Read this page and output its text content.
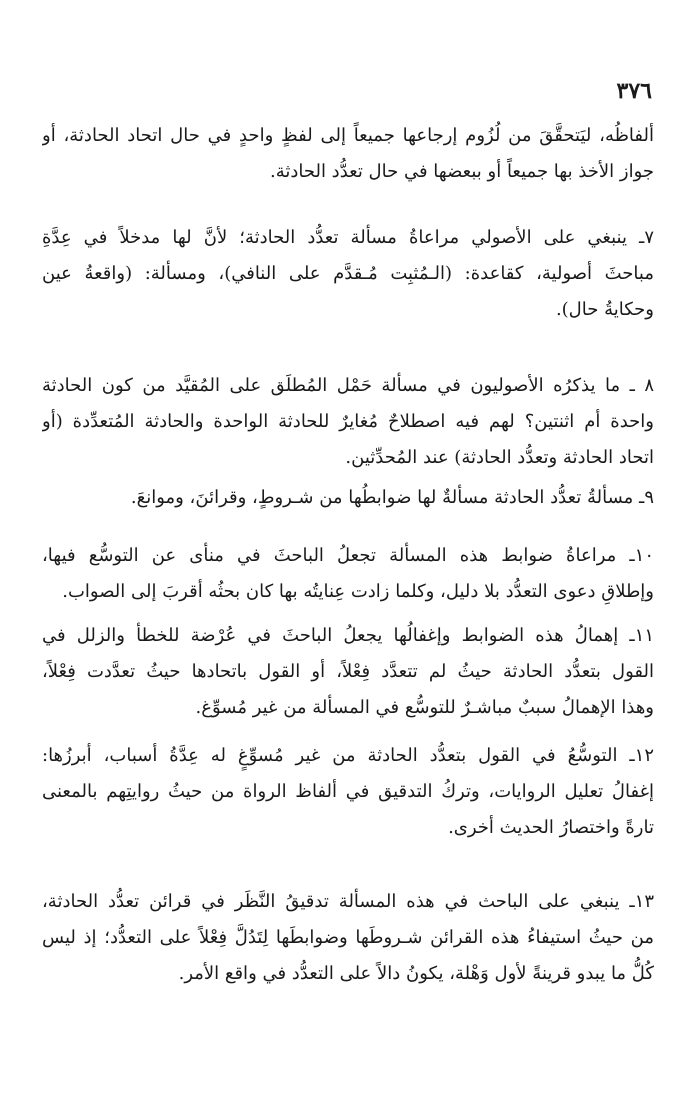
٣٧٦
ألفاظُه، ليَتحقَّقَ من لُزُوم إرجاعها جميعاً إلى لفظٍ واحدٍ في حال اتحاد الحادثة، أو
جواز الأخذ بها جميعاً أو ببعضها في حال تعدُّد الحادثة.
٧ـ ينبغي على الأصولي مراعاةُ مسألة تعدُّد الحادثة؛ لأنَّ لها مدخلاً في عِدَّةِ
مباحثَ أصولية، كقاعدة: (الـمُثبِت مُـقدَّم على النافي)، ومسألة: (واقعةُ عين
وحكايةُ حال).
٨ ـ ما يذكرُه الأصوليون في مسألة حَمْل المُطلَق على المُقيَّد من كون الحادثة
واحدة أم اثنتين؟ لهم فيه اصطلاحٌ مُغايرٌ للحادثة الواحدة والحادثة المُتعدِّدة (أو
اتحاد الحادثة وتعدُّد الحادثة) عند المُحدِّثين.
٩ـ مسألةُ تعدُّد الحادثة مسألةٌ لها ضوابطُها من شـروطٍ، وقرائنَ، وموانعَ.
١٠ـ مراعاةُ ضوابط هذه المسألة تجعلُ الباحثَ في منأى عن التوسُّع فيها،
وإطلاقِ دعوى التعدُّد بلا دليل، وكلما زادت عِنايتُه بها كان بحثُه أقربَ إلى الصواب.
١١ـ إهمالُ هذه الضوابط وإغفالُها يجعلُ الباحثَ في عُرْضة للخطأ والزلل في
القول بتعدُّد الحادثة حيثُ لم تتعدَّد فِعْلاً، أو القول باتحادها حيثُ تعدَّدت فِعْلاً،
وهذا الإهمالُ سببٌ مباشـرٌ للتوسُّع في المسألة من غير مُسوِّغ.
١٢ـ التوسُّعُ في القول بتعدُّد الحادثة من غير مُسوِّغٍ له عِدَّةُ أسباب، أبرزُها:
إغفالُ تعليل الروايات، وتركُ التدقيق في ألفاظ الرواة من حيثُ روايتِهم بالمعنى
تارةً واختصارُ الحديث أخرى.
١٣ـ ينبغي على الباحث في هذه المسألة تدقيقُ النَّظَر في قرائن تعدُّد الحادثة،
من حيثُ استيفاءُ هذه القرائن شـروطَها وضوابطَها لِتَدُلَّ فِعْلاً على التعدُّد؛ إذ ليس
كُلُّ ما يبدو قرينةً لأول وَهْلة، يكونُ دالاً على التعدُّد في واقع الأمر.
